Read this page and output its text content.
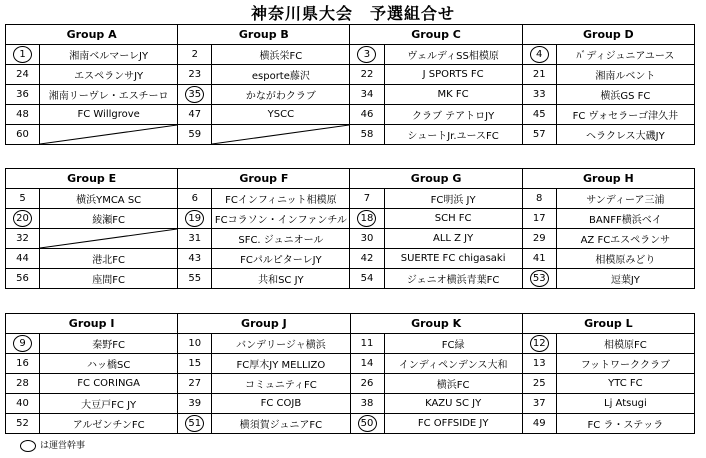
神奈川県大会　予選組合せ
Group A		Group B		Group C		Group D	
1	湘南ベルマーレJY	2	横浜栄FC	3	ヴェルディSS相模原	4	ﾊﾞディジュニアユース
24	エスペランサJY	23	esporte藤沢	22	J SPORTS FC	21	湘南ルベント
36	湘南リーヴレ・エスチーロ	35	かながわクラブ	34	MK FC	33	横浜GS FC
48	FC Willgrove	47	YSCC	46	クラブ テアトロJY	45	FC ヴォセラーゴ津久井
60		59		58	シュートJr.ユースFC	57	ヘラクレス大磯JY
Group E		Group F		Group G		Group H	
5	横浜YMCA SC	6	FCインフィニット相模原	7	FC明浜 JY	8	サンディーア三浦
20	綾瀬FC	19	FCコラソン・インファンチル	18	SCH FC	17	BANFF横浜ベイ
32		31	SFC. ジュニオール	30	ALL Z JY	29	AZ FCエスペランサ
44	港北FC	43	FCパルピターレJY	42	SUERTE FC chigasaki	41	相模原みどり
56	座間FC	55	共和SC JY	54	ジェニオ横浜青葉FC	53	逗葉JY
Group I		Group J		Group K		Group L	
9	秦野FC	10	バンデリージャ横浜	11	FC緑	12	相模原FC
16	ハッ橋SC	15	FC厚木JY MELLIZO	14	インディペンデンス大和	13	フットワーククラブ
28	FC CORINGA	27	コミュニティFC	26	横浜FC	25	YTC FC
40	大豆戸FC JY	39	FC COJB	38	KAZU SC JY	37	Lj Atsugi
52	アルゼンチンFC	51	横須賀ジュニアFC	50	FC OFFSIDE JY	49	FC ラ・ステッラ
は運営幹事
